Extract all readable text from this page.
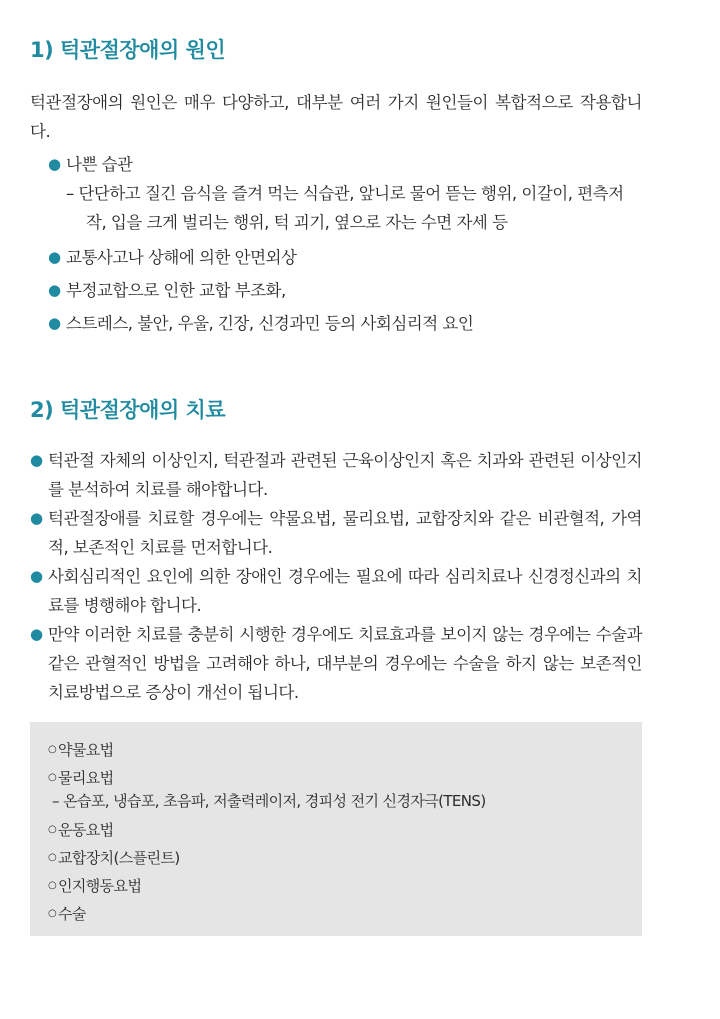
1) 턱관절장애의 원인

턱관절장애의 원인은 매우 다양하고, 대부분 여러 가지 원인들이 복합적으로 작용합니다.

● 나쁜 습관
– 단단하고 질긴 음식을 즐겨 먹는 식습관, 앞니로 물어 뜯는 행위, 이갈이, 편측저작, 입을 크게 벌리는 행위, 턱 괴기, 옆으로 자는 수면 자세 등
● 교통사고나 상해에 의한 안면외상
● 부정교합으로 인한 교합 부조화,
● 스트레스, 불안, 우울, 긴장, 신경과민 등의 사회심리적 요인
2) 턱관절장애의 치료
● 턱관절 자체의 이상인지, 턱관절과 관련된 근육이상인지 혹은 치과와 관련된 이상인지를 분석하여 치료를 해야합니다.
● 턱관절장애를 치료할 경우에는 약물요법, 물리요법, 교합장치와 같은 비관혈적, 가역적, 보존적인 치료를 먼저합니다.
● 사회심리적인 요인에 의한 장애인 경우에는 필요에 따라 심리치료나 신경정신과의 치료를 병행해야 합니다.
● 만약 이러한 치료를 충분히 시행한 경우에도 치료효과를 보이지 않는 경우에는 수술과 같은 관혈적인 방법을 고려해야 하나, 대부분의 경우에는 수술을 하지 않는 보존적인 치료방법으로 증상이 개선이 됩니다.
○ 약물요법
○ 물리요법
– 온습포, 냉습포, 초음파, 저출력레이저, 경피성 전기 신경자극(TENS)
○ 운동요법
○ 교합장치(스플린트)
○ 인지행동요법
○ 수술
